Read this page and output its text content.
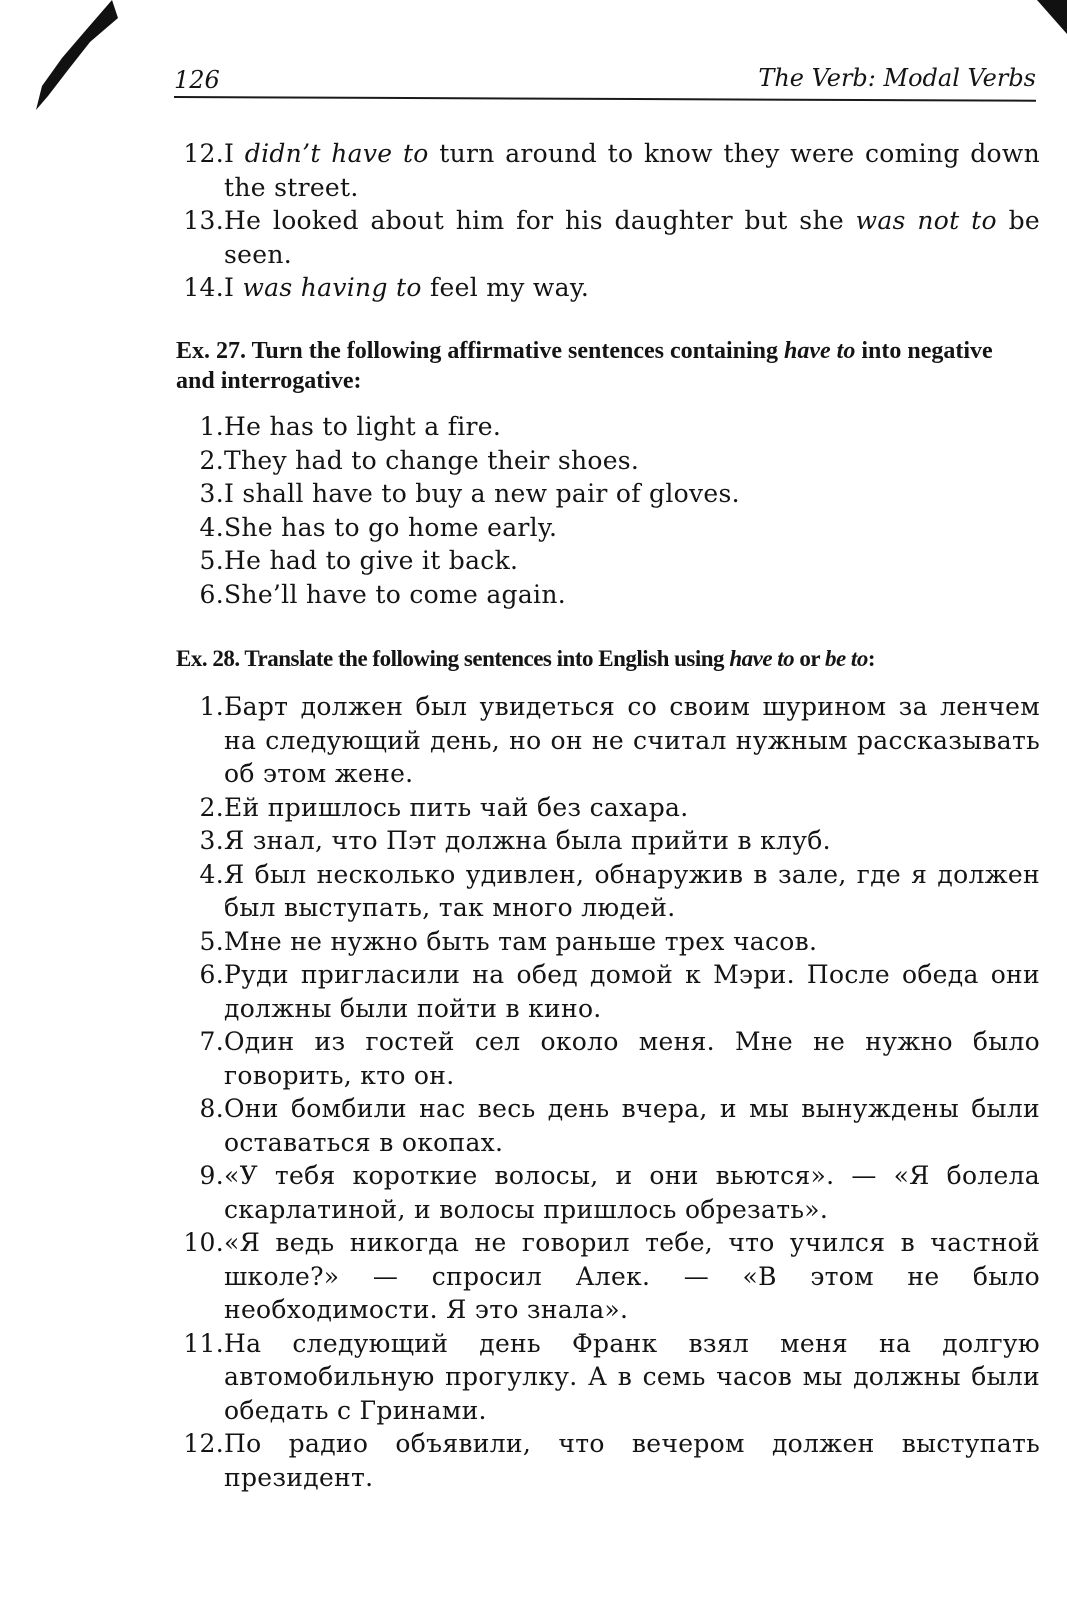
126	The Verb: Modal Verbs
12. I didn’t have to turn around to know they were coming down the street.
13. He looked about him for his daughter but she was not to be seen.
14. I was having to feel my way.
Ex. 27. Turn the following affirmative sentences containing have to into negative and interrogative:
1. He has to light a fire.
2. They had to change their shoes.
3. I shall have to buy a new pair of gloves.
4. She has to go home early.
5. He had to give it back.
6. She’ll have to come again.
Ex. 28. Translate the following sentences into English using have to or be to:
1. Барт должен был увидеться со своим шурином за ленчем на следующий день, но он не считал нужным рассказывать об этом жене.
2. Ей пришлось пить чай без сахара.
3. Я знал, что Пэт должна была прийти в клуб.
4. Я был несколько удивлен, обнаружив в зале, где я должен был выступать, так много людей.
5. Мне не нужно быть там раньше трех часов.
6. Руди пригласили на обед домой к Мэри. После обеда они должны были пойти в кино.
7. Один из гостей сел около меня. Мне не нужно было говорить, кто он.
8. Они бомбили нас весь день вчера, и мы вынуждены были оставаться в окопах.
9. «У тебя короткие волосы, и они вьются». — «Я болела скарлатиной, и волосы пришлось обрезать».
10. «Я ведь никогда не говорил тебе, что учился в частной школе?» — спросил Алек. — «В этом не было необходимости. Я это знала».
11. На следующий день Франк взял меня на долгую автомобильную прогулку. А в семь часов мы должны были обедать с Гринами.
12. По радио объявили, что вечером должен выступать президент.
